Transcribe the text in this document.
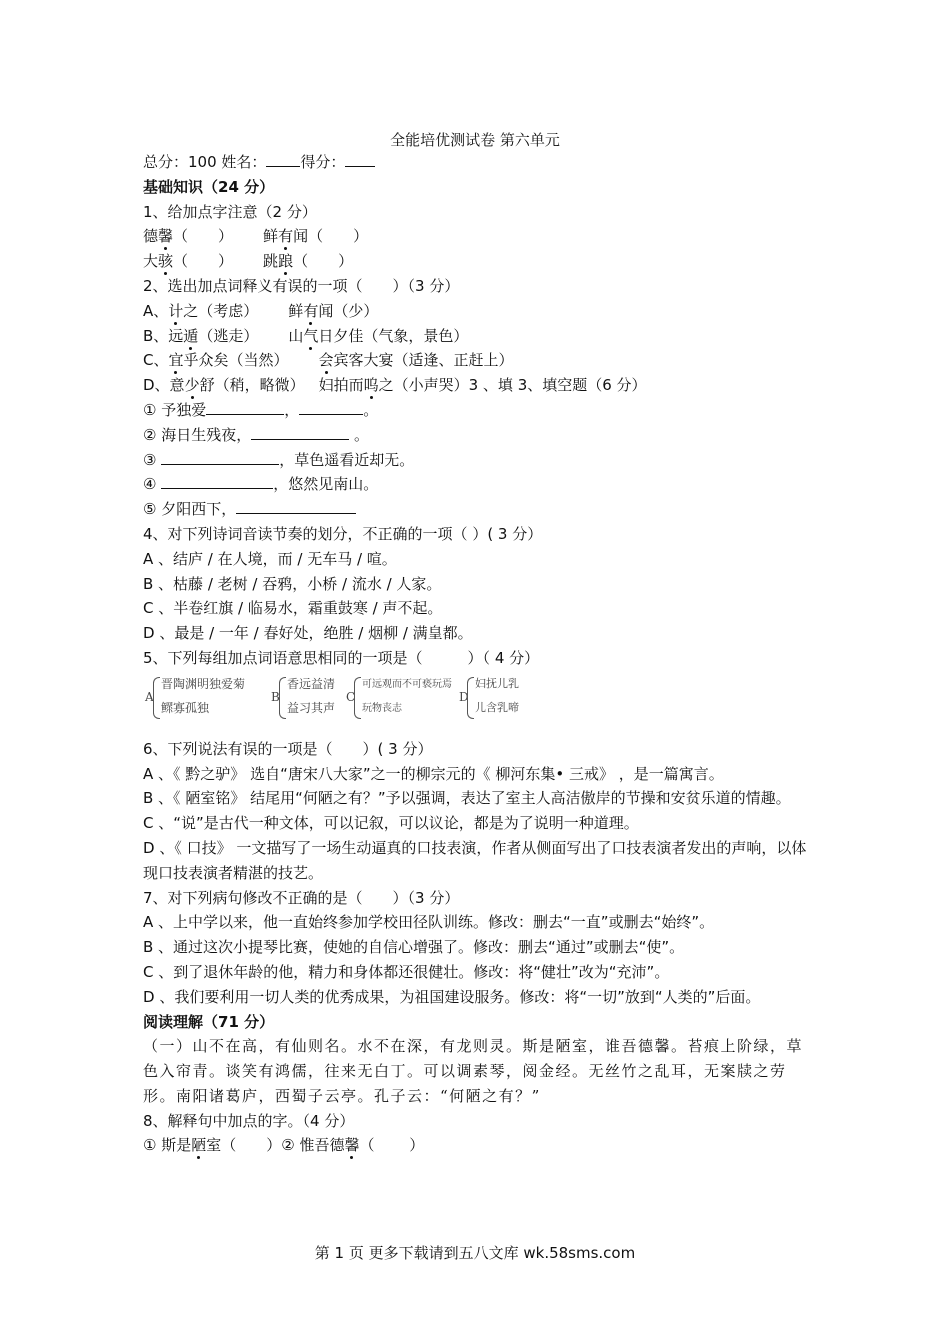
全能培优测试卷 第六单元
总分：100 姓名： 得分：
基础知识（24 分）
1、给加点字注意（2 分）
德馨（　　） 鲜有闻（　　）
大骇（　　） 跳踉（　　）
2、选出加点词释义有误的一项（　　）（3 分）
A、计之（考虑） 鲜有闻（少）
B、远遁（逃走） 山气日夕佳（气象，景色）
C、宜乎众矣（当然） 会宾客大宴（适逢、正赶上）
D、意少舒（稍，略微） 妇拍而呜之（小声哭）3 、填 3、填空题（6 分）
① 予独爱	，	。
② 海日生残夜，	。
③	，草色遥看近却无。
④	，悠然见南山。
⑤ 夕阳西下，
4、对下列诗词音读节奏的划分，不正确的一项（ ）( 3 分）
A 、结庐 / 在人境，而 / 无车马 / 喧。
B 、枯藤 / 老树 / 吞鸦，小桥 / 流水 / 人家。
C 、半卷红旗 / 临易水，霜重鼓寒 / 声不起。
D 、最是 / 一年 / 春好处，绝胜 / 烟柳 / 满皇都。
5、下列每组加点词语意思相同的一项是（　　　）（ 4 分）
A
晋陶渊明独爱菊
鳏寡孤独
B
香远益清
益习其声
C
可远观而不可亵玩焉
玩物丧志
D
妇抚儿乳
儿含乳啼
6、下列说法有误的一项是（　　）( 3 分）
A 、《 黔之驴》 选自“唐宋八大家”之一的柳宗元的《 柳河东集• 三戒》 ，是一篇寓言。
B 、《 陋室铭》 结尾用“何陋之有？”予以强调，表达了室主人高洁傲岸的节操和安贫乐道的情趣。
C 、“说”是古代一种文体，可以记叙，可以议论，都是为了说明一种道理。
D 、《 口技》 一文描写了一场生动逼真的口技表演，作者从侧面写出了口技表演者发出的声响，以体现口技表演者精湛的技艺。
7、对下列病句修改不正确的是（　　）（3 分）
A 、上中学以来，他一直始终参加学校田径队训练。修改：删去“一直”或删去“始终”。
B 、通过这次小提琴比赛，使她的自信心增强了。修改：删去“通过”或删去“使”。
C 、到了退休年龄的他，精力和身体都还很健壮。修改：将“健壮”改为“充沛”。
D 、我们要利用一切人类的优秀成果，为祖国建设服务。修改：将“一切”放到“人类的”后面。
阅读理解（71 分）
（一）山不在高，有仙则名。水不在深，有龙则灵。斯是陋室，谁吾德馨。苔痕上阶绿，草色入帘青。谈笑有鸿儒，往来无白丁。可以调素琴，阅金经。无丝竹之乱耳，无案牍之劳形。南阳诸葛庐，西蜀子云亭。孔子云：“何陋之有？”
8、解释句中加点的字。（4 分）
① 斯是陋室（　　）② 惟吾德馨（　　 ）
第 1 页 更多下载请到五八文库 wk.58sms.com
